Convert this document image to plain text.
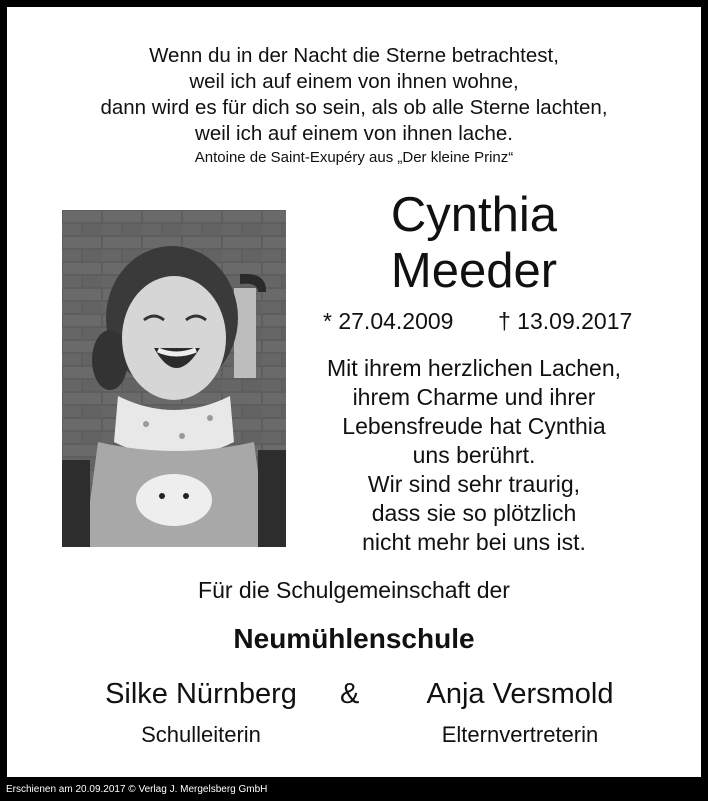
Wenn du in der Nacht die Sterne betrachtest,
weil ich auf einem von ihnen wohne,
dann wird es für dich so sein, als ob alle Sterne lachten,
weil ich auf einem von ihnen lache.
Antoine de Saint-Exupéry aus „Der kleine Prinz“
Cynthia
Meeder
* 27.04.2009 † 13.09.2017
Mit ihrem herzlichen Lachen,
ihrem Charme und ihrer
Lebensfreude hat Cynthia
uns berührt.
Wir sind sehr traurig,
dass sie so plötzlich
nicht mehr bei uns ist.
Für die Schulgemeinschaft der
Neumühlenschule
Silke Nürnberg
Schulleiterin
&	Anja Versmold
Elternvertreterin
Erschienen am 20.09.2017 © Verlag J. Mergelsberg GmbH
